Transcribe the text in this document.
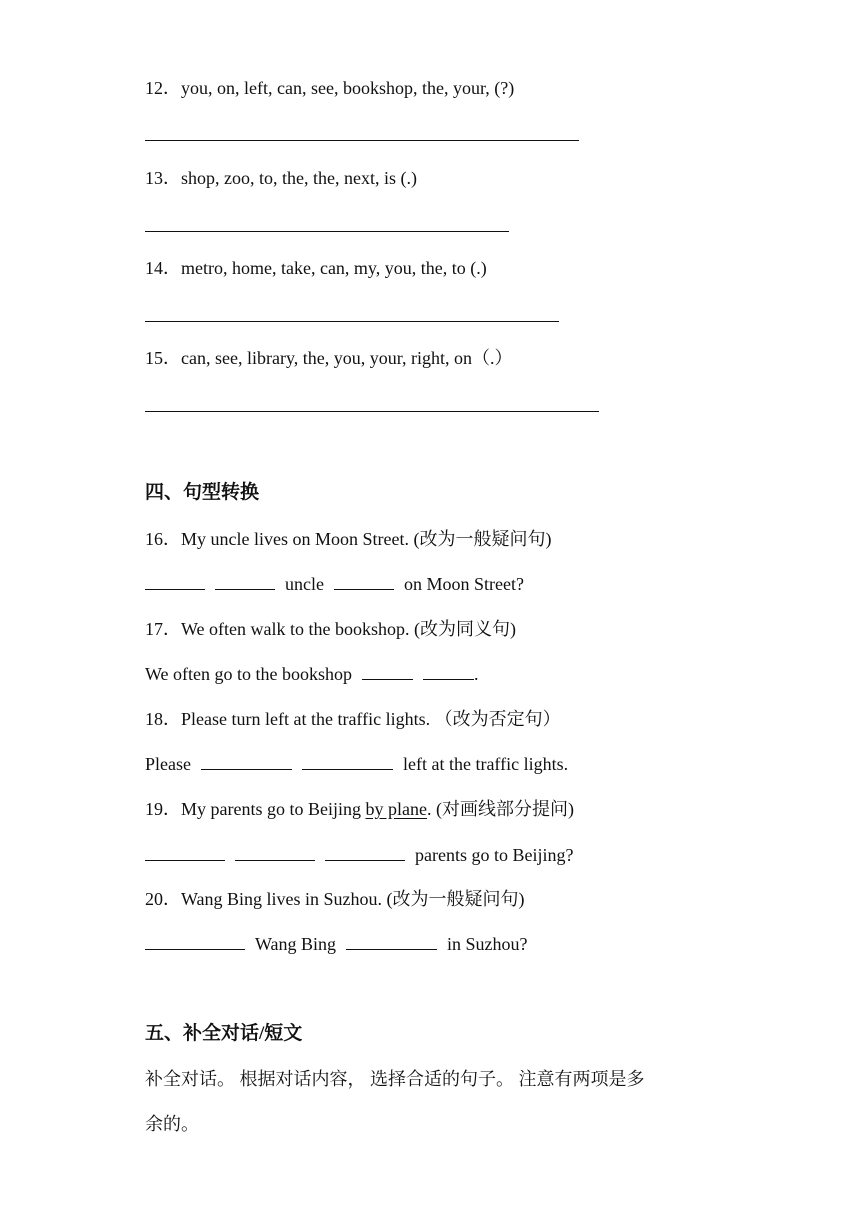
12．you, on, left, can, see, bookshop, the, your, (?)
13．shop, zoo, to, the, the, next, is (.)
14．metro, home, take, can, my, you, the, to (.)
15．can, see, library, the, you, your, right, on（.）
四、句型转换
16．My uncle lives on Moon Street. (改为一般疑问句)
uncle	on Moon Street?
17．We often walk to the bookshop. (改为同义句)
We often go to the bookshop	.
18．Please turn left at the traffic lights. （改为否定句）
Please	left at the traffic lights.
19．My parents go to Beijing by plane. (对画线部分提问)
parents go to Beijing?
20．Wang Bing lives in Suzhou. (改为一般疑问句)
Wang Bing	in Suzhou?
五、补全对话/短文
补全对话。 根据对话内容， 选择合适的句子。 注意有两项是多
余的。
